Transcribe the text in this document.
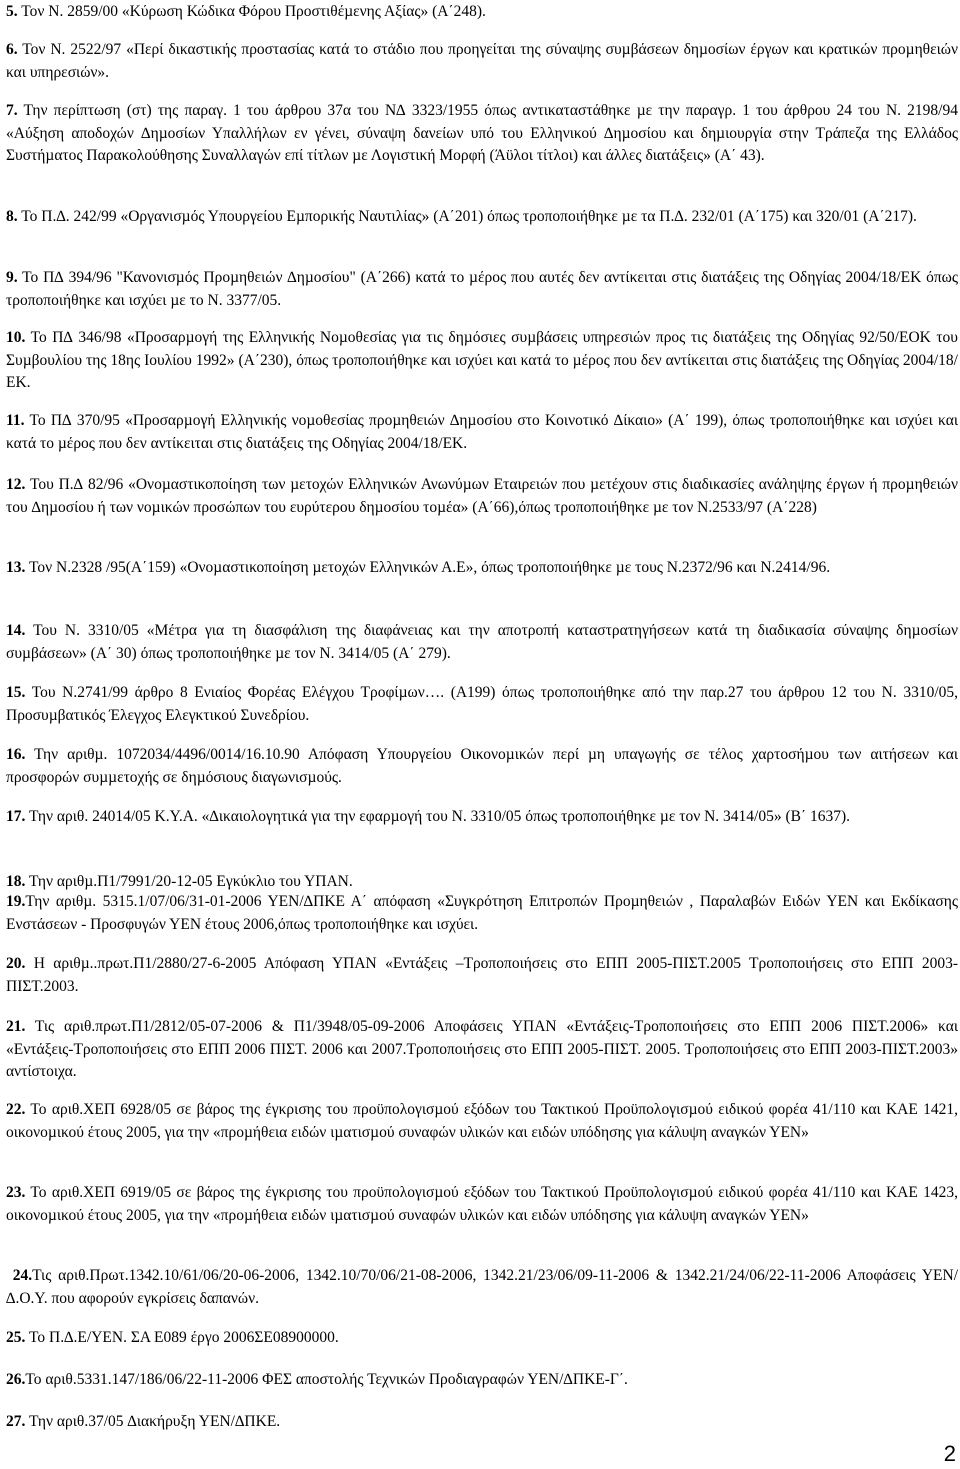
5. Τον Ν. 2859/00 «Κύρωση Κώδικα Φόρου Προστιθέµενης Αξίας» (Α΄248).

6. Τον Ν. 2522/97 «Περί δικαστικής προστασίας κατά το στάδιο που προηγείται της σύναψης συµβάσεων δηµοσίων έργων και κρατικών προµηθειών και υπηρεσιών».

7. Την περίπτωση (στ) της παραγ. 1 του άρθρου 37α του Ν∆ 3323/1955 όπως αντικαταστάθηκε µε την παραγρ. 1 του άρθρου 24 του Ν. 2198/94 «Αύξηση αποδοχών ∆ηµοσίων Υπαλλήλων εν γένει, σύναψη δανείων υπό του Ελληνικού ∆ηµοσίου και δηµιουργία στην Τράπεζα της Ελλάδος Συστήµατος Παρακολούθησης Συναλλαγών επί τίτλων µε Λογιστική Μορφή (Άϋλοι τίτλοι) και άλλες διατάξεις» (Α΄ 43).

8. Το Π.∆. 242/99 «Οργανισµός Υπουργείου Εµπορικής Ναυτιλίας» (Α΄201) όπως τροποποιήθηκε µε τα Π.∆. 232/01 (Α΄175) και 320/01 (Α΄217).

9. Το Π∆ 394/96 "Κανονισµός Προµηθειών ∆ηµοσίου" (Α΄266) κατά το µέρος που αυτές δεν αντίκειται στις διατάξεις της Οδηγίας 2004/18/ΕΚ όπως τροποποιήθηκε και ισχύει µε το Ν. 3377/05.

10. Το Π∆ 346/98 «Προσαρµογή της Ελληνικής Νοµοθεσίας για τις δηµόσιες συµβάσεις υπηρεσιών προς τις διατάξεις της Οδηγίας 92/50/ΕΟΚ του Συµβουλίου της 18ης Ιουλίου 1992» (Α΄230), όπως τροποποιήθηκε και ισχύει και κατά το µέρος που δεν αντίκειται στις διατάξεις της Οδηγίας 2004/18/ΕΚ.

11. Το Π∆ 370/95 «Προσαρµογή Ελληνικής νοµοθεσίας προµηθειών ∆ηµοσίου στο Κοινοτικό ∆ίκαιο» (Α΄ 199), όπως τροποποιήθηκε και ισχύει και κατά το µέρος που δεν αντίκειται στις διατάξεις της Οδηγίας 2004/18/ΕΚ.

12. Του Π.∆ 82/96 «Ονοµαστικοποίηση των µετοχών Ελληνικών Ανωνύµων Εταιρειών που µετέχουν στις διαδικασίες ανάληψης έργων ή προµηθειών του ∆ηµοσίου ή των νοµικών προσώπων του ευρύτερου δηµοσίου τοµέα» (Α΄66),όπως τροποποιήθηκε µε τον Ν.2533/97 (Α΄228)

13. Τον Ν.2328 /95(Α΄159) «Ονοµαστικοποίηση µετοχών Ελληνικών Α.Ε», όπως τροποποιήθηκε µε τους Ν.2372/96 και Ν.2414/96.

14. Του Ν. 3310/05 «Μέτρα για τη διασφάλιση της διαφάνειας και την αποτροπή καταστρατηγήσεων κατά τη διαδικασία σύναψης δηµοσίων συµβάσεων» (Α΄ 30) όπως τροποποιήθηκε µε τον Ν. 3414/05 (Α΄ 279).

15. Του Ν.2741/99 άρθρο 8 Ενιαίος Φορέας Ελέγχου Τροφίµων…. (Α199) όπως τροποποιήθηκε από την παρ.27 του άρθρου 12 του Ν. 3310/05, Προσυµβατικός Έλεγχος Ελεγκτικού Συνεδρίου.

16. Την αριθµ. 1072034/4496/0014/16.10.90 Απόφαση Υπουργείου Οικονοµικών περί µη υπαγωγής σε τέλος χαρτοσήµου των αιτήσεων και προσφορών συµµετοχής σε δηµόσιους διαγωνισµούς.

17. Την αριθ. 24014/05 Κ.Υ.Α. «∆ικαιολογητικά για την εφαρµογή του Ν. 3310/05 όπως τροποποιήθηκε µε τον Ν. 3414/05» (Β΄ 1637).

18. Την αριθµ.Π1/7991/20-12-05 Εγκύκλιο του ΥΠΑΝ.

19.Την αριθµ. 5315.1/07/06/31-01-2006 ΥΕΝ/∆ΠΚΕ Α΄ απόφαση «Συγκρότηση Επιτροπών Προµηθειών , Παραλαβών Ειδών ΥΕΝ και Εκδίκασης Ενστάσεων - Προσφυγών ΥΕΝ έτους 2006,όπως τροποποιήθηκε και ισχύει.

20. Η αριθµ..πρωτ.Π1/2880/27-6-2005 Απόφαση ΥΠΑΝ «Εντάξεις –Τροποποιήσεις στο ΕΠΠ 2005-ΠΙΣΤ.2005 Τροποποιήσεις στο ΕΠΠ 2003-ΠΙΣΤ.2003.

21. Τις αριθ.πρωτ.Π1/2812/05-07-2006 & Π1/3948/05-09-2006 Αποφάσεις ΥΠΑΝ «Εντάξεις-Τροποποιήσεις στο ΕΠΠ 2006 ΠΙΣΤ.2006» και «Εντάξεις-Τροποποιήσεις στο ΕΠΠ 2006 ΠΙΣΤ. 2006 και 2007.Τροποποιήσεις στο ΕΠΠ 2005-ΠΙΣΤ. 2005. Τροποποιήσεις στο ΕΠΠ 2003-ΠΙΣΤ.2003» αντίστοιχα.

22. Το αριθ.ΧΕΠ 6928/05 σε βάρος της έγκρισης του προϋπολογισµού εξόδων του Τακτικού Προϋπολογισµού ειδικού φορέα 41/110 και ΚΑΕ 1421, οικονοµικού έτους 2005, για την «προµήθεια ειδών ιµατισµού συναφών υλικών και ειδών υπόδησης για κάλυψη αναγκών ΥΕΝ»

23. Το αριθ.ΧΕΠ 6919/05 σε βάρος της έγκρισης του προϋπολογισµού εξόδων του Τακτικού Προϋπολογισµού ειδικού φορέα 41/110 και ΚΑΕ 1423, οικονοµικού έτους 2005, για την «προµήθεια ειδών ιµατισµού συναφών υλικών και ειδών υπόδησης για κάλυψη αναγκών ΥΕΝ»

24.Τις αριθ.Πρωτ.1342.10/61/06/20-06-2006, 1342.10/70/06/21-08-2006, 1342.21/23/06/09-11-2006 & 1342.21/24/06/22-11-2006 Αποφάσεις ΥΕΝ/∆.Ο.Υ. που αφορούν εγκρίσεις δαπανών.

25. Το Π.∆.Ε/ΥΕΝ. ΣΑ Ε089 έργο 2006ΣΕ08900000.

26.Το αριθ.5331.147/186/06/22-11-2006 ΦΕΣ αποστολής Τεχνικών Προδιαγραφών ΥΕΝ/∆ΠΚΕ-Γ΄.

27. Την αριθ.37/05 ∆ιακήρυξη ΥΕΝ/∆ΠΚΕ.

2
